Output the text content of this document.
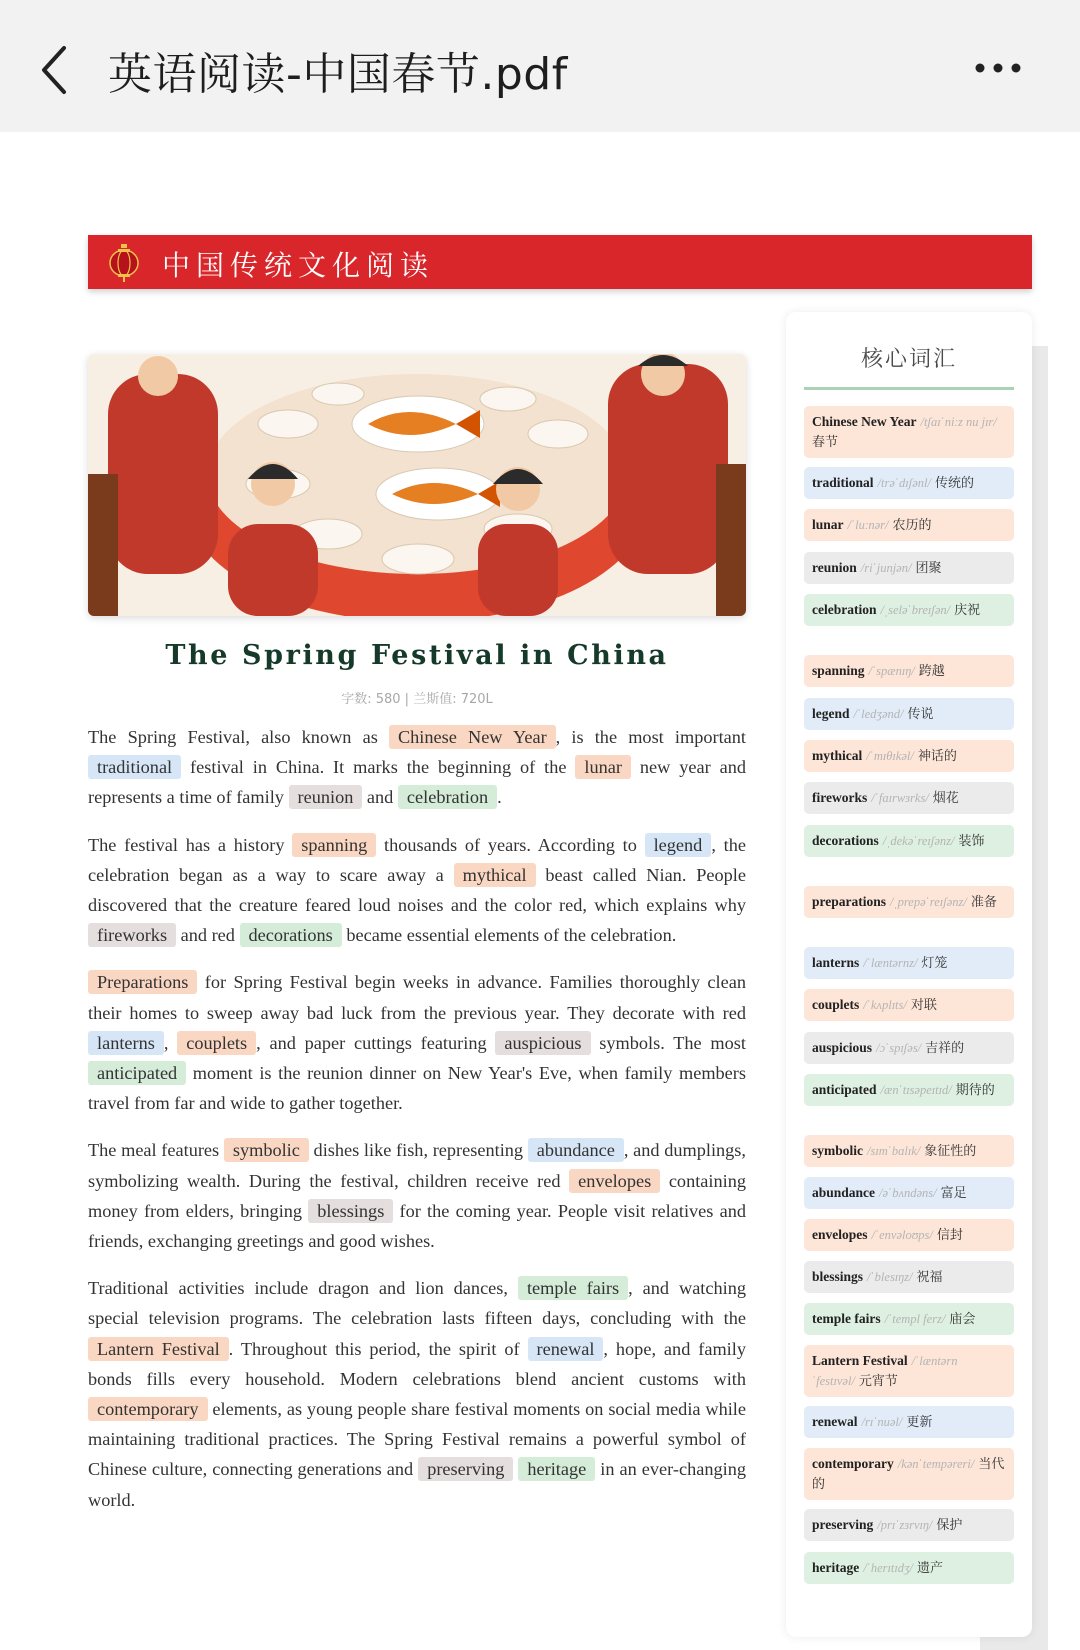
英语阅读-中国春节.pdf
中国传统文化阅读
The Spring Festival in China
字数: 580 | 兰斯值: 720L

The Spring Festival, also known as Chinese New Year , is the most important traditional festival in China. It marks the beginning of the lunar new year and represents a time of family reunion and celebration .

The festival has a history spanning thousands of years. According to legend , the celebration began as a way to scare away a mythical beast called Nian. People discovered that the creature feared loud noises and the color red, which explains why fireworks and red decorations became essential elements of the celebration.

Preparations for Spring Festival begin weeks in advance. Families thoroughly clean their homes to sweep away bad luck from the previous year. They decorate with red lanterns , couplets , and paper cuttings featuring auspicious symbols. The most anticipated moment is the reunion dinner on New Year's Eve, when family members travel from far and wide to gather together.

The meal features symbolic dishes like fish, representing abundance , and dumplings, symbolizing wealth. During the festival, children receive red envelopes containing money from elders, bringing blessings for the coming year. People visit relatives and friends, exchanging greetings and good wishes.

Traditional activities include dragon and lion dances, temple fairs , and watching special television programs. The celebration lasts fifteen days, concluding with the Lantern Festival . Throughout this period, the spirit of renewal , hope, and family bonds fills every household. Modern celebrations blend ancient customs with contemporary elements, as young people share festival moments on social media while maintaining traditional practices. The Spring Festival remains a powerful symbol of Chinese culture, connecting generations and preserving heritage in an ever-changing world.

核心词汇
Chinese New Year /tʃaɪˈniːz nu jɪr/春节
traditional /trəˈdɪʃənl/ 传统的
lunar /ˈluːnər/ 农历的
reunion /riˈjunjən/ 团聚
celebration /ˌseləˈbreɪʃən/ 庆祝
spanning /ˈspænɪŋ/ 跨越
legend /ˈledʒənd/ 传说
mythical /ˈmɪθɪkəl/ 神话的
fireworks /ˈfaɪrwɜrks/ 烟花
decorations /ˌdekəˈreɪʃənz/ 装饰
preparations /ˌprepəˈreɪʃənz/ 准备
lanterns /ˈlæntərnz/ 灯笼
couplets /ˈkʌplɪts/ 对联
auspicious /ɔˈspɪʃəs/ 吉祥的
anticipated /ænˈtɪsəpeɪtɪd/ 期待的
symbolic /sɪmˈbɑlɪk/ 象征性的
abundance /əˈbʌndəns/ 富足
envelopes /ˈenvəloʊps/ 信封
blessings /ˈblesɪŋz/ 祝福
temple fairs /ˈtempl ferz/ 庙会
Lantern Festival /ˈlæntərn ˈfestɪvəl/ 元宵节
renewal /rɪˈnuəl/ 更新
contemporary /kənˈtempəreri/ 当代的
preserving /prɪˈzɜrvɪŋ/ 保护
heritage /ˈherɪtɪdʒ/ 遗产
